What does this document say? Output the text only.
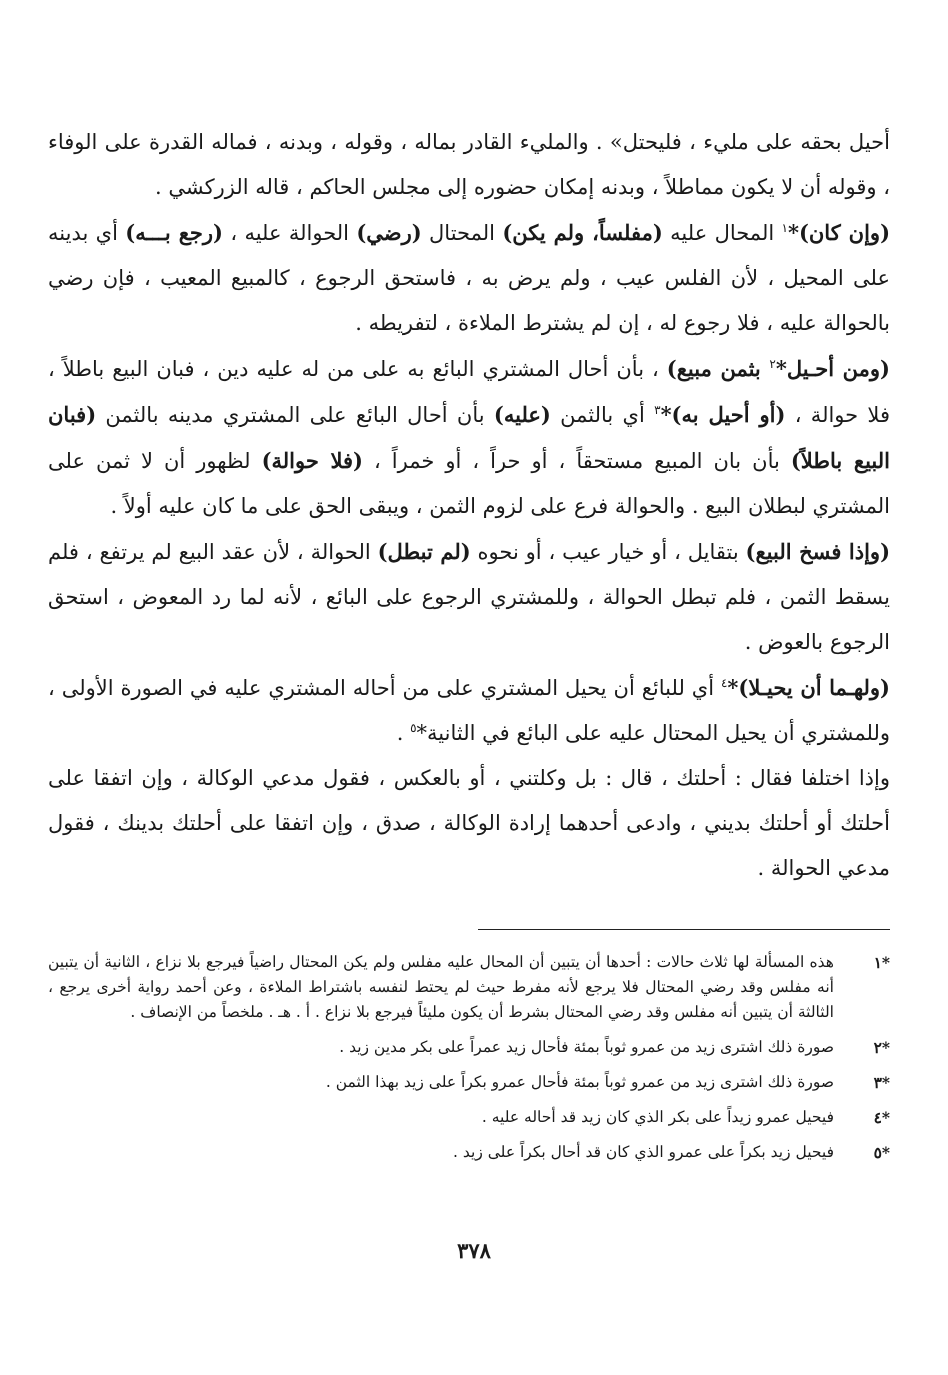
أحيل بحقه على مليء ، فليحتل» . والمليء القادر بماله ، وقوله ، وبدنه ، فماله القدرة على الوفاء ، وقوله أن لا يكون مماطلاً ، وبدنه إمكان حضوره إلى مجلس الحاكم ، قاله الزركشي .

(وإن كان)*$^١$ المحال عليه (مفلساً، ولم يكن) المحتال (رضي) الحوالة عليه ، (رجع بـــه) أي بدينه على المحيل ، لأن الفلس عيب ، ولم يرض به ، فاستحق الرجوع ، كالمبيع المعيب ، فإن رضي بالحوالة عليه ، فلا رجوع له ، إن لم يشترط الملاءة ، لتفريطه .

(ومن أحـيل*$^٢$ بثمن مبيع) ، بأن أحال المشتري البائع به على من له عليه دين ، فبان البيع باطلاً ، فلا حوالة ، (أو أحيل به)*$^٣$ أي بالثمن (عليه) بأن أحال البائع على المشتري مدينه بالثمن (فبان البيع باطلاً) بأن بان المبيع مستحقاً ، أو حراً ، أو خمراً ، (فلا حوالة) لظهور أن لا ثمن على المشتري لبطلان البيع . والحوالة فرع على لزوم الثمن ، ويبقى الحق على ما كان عليه أولاً .

(وإذا فسخ البيع) بتقايل ، أو خيار عيب ، أو نحوه (لم تبطل) الحوالة ، لأن عقد البيع لم يرتفع ، فلم يسقط الثمن ، فلم تبطل الحوالة ، وللمشتري الرجوع على البائع ، لأنه لما رد المعوض ، استحق الرجوع بالعوض .

(ولهـما أن يحيـلا)*$^٤$ أي للبائع أن يحيل المشتري على من أحاله المشتري عليه في الصورة الأولى ، وللمشتري أن يحيل المحتال عليه على البائع في الثانية*$^٥$ .

وإذا اختلفا فقال : أحلتك ، قال : بل وكلتني ، أو بالعكس ، فقول مدعي الوكالة ، وإن اتفقا على أحلتك أو أحلتك بديني ، وادعى أحدهما إرادة الوكالة ، صدق ، وإن اتفقا على أحلتك بدينك ، فقول مدعي الحوالة .

*١
هذه المسألة لها ثلاث حالات : أحدها أن يتبين أن المحال عليه مفلس ولم يكن المحتال راضياً فيرجع بلا نزاع ، الثانية أن يتبين أنه مفلس وقد رضي المحتال فلا يرجع لأنه مفرط حيث لم يحتط لنفسه باشتراط الملاءة ، وعن أحمد رواية أخرى يرجع ، الثالثة أن يتبين أنه مفلس وقد رضي المحتال بشرط أن يكون مليئاً فيرجع بلا نزاع . أ . هـ . ملخصاً من الإنصاف .
*٢
صورة ذلك اشترى زيد من عمرو ثوباً بمئة فأحال زيد عمراً على بكر مدين زيد .
*٣
صورة ذلك اشترى زيد من عمرو ثوباً بمئة فأحال عمرو بكراً على زيد بهذا الثمن .
*٤
فيحيل عمرو زيداً على بكر الذي كان زيد قد أحاله عليه .
*٥
فيحيل زيد بكراً على عمرو الذي كان قد أحال بكراً على زيد .
٣٧٨
